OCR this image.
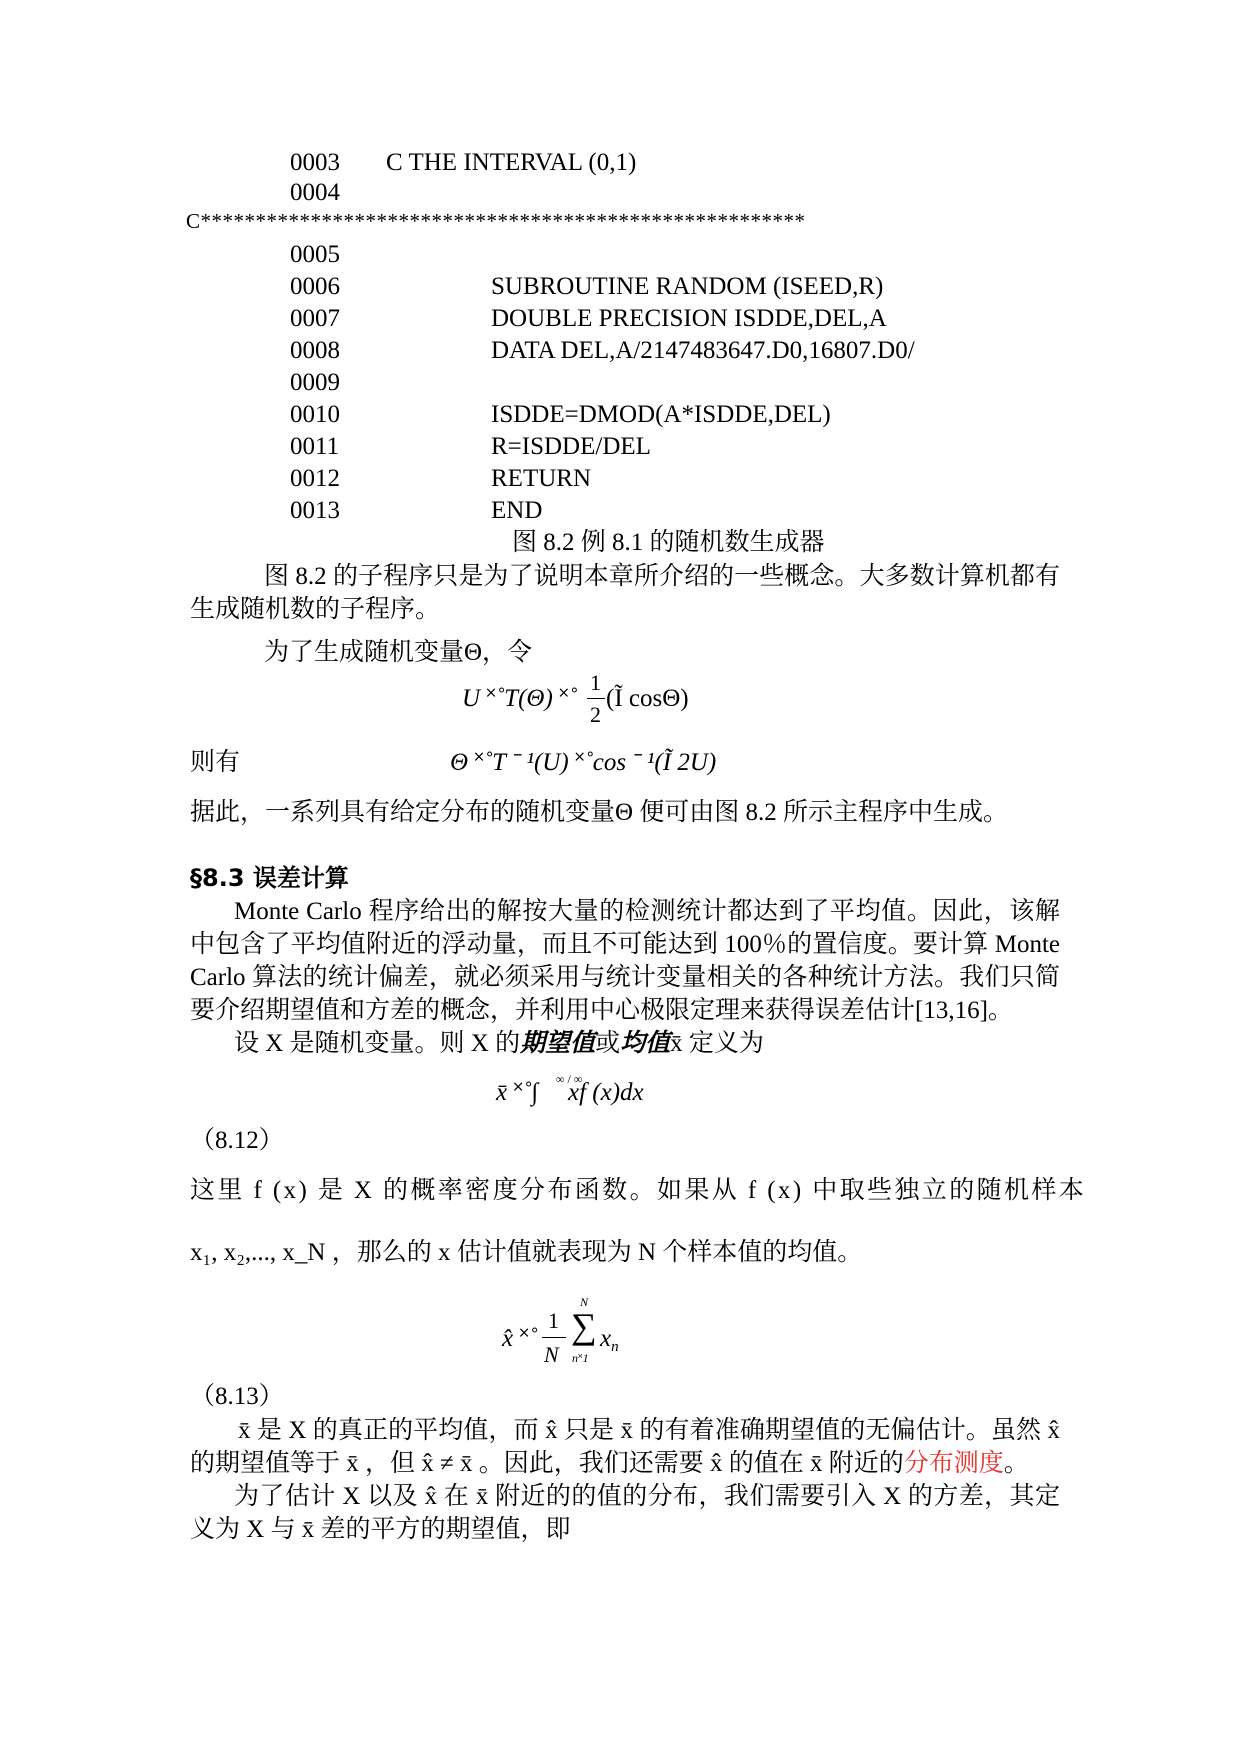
0003 C THE INTERVAL (0,1)
0004
C*******************************************************
0005
0006	SUBROUTINE RANDOM (ISEED,R)
0007	DOUBLE PRECISION ISDDE,DEL,A
0008	DATA DEL,A/2147483647.D0,16807.D0/
0009
0010	ISDDE=DMOD(A*ISDDE,DEL)
0011	R=ISDDE/DEL
0012	RETURN
0013	END
图 8.2 例 8.1 的随机数生成器
图 8.2 的子程序只是为了说明本章所介绍的一些概念。大多数计算机都有生成随机数的子程序。
为了生成随机变量Θ，令
U ˟˚T(Θ) ˟˚
1
2
(Ĩ cosΘ)
则有	Θ ˟˚T ˉ ¹(U) ˟˚cos ˉ ¹(Ĩ 2U)
据此，一系列具有给定分布的随机变量Θ 便可由图 8.2 所示主程序中生成。
§8.3 误差计算
Monte Carlo 程序给出的解按大量的检测统计都达到了平均值。因此，该解中包含了平均值附近的浮动量，而且不可能达到 100％的置信度。要计算 Monte Carlo 算法的统计偏差，就必须采用与统计变量相关的各种统计方法。我们只简要介绍期望值和方差的概念，并利用中心极限定理来获得误差估计[13,16]。
设 X 是随机变量。则 X 的期望值或均值x̄ 定义为
x̄ ˟˚∫ ∞ / ∞
xf (x)dx
（8.12）
这里 f (x) 是 X 的概率密度分布函数。如果从 f (x) 中取些独立的随机样本
x₁, x₂,..., x_N ，那么的 x 估计值就表现为 N 个样本值的均值。
x̂ ˟˚
1
N
N
∑
n˟1
$x_n$
（8.13）
x̄ 是 X 的真正的平均值，而 x̂ 只是 x̄ 的有着准确期望值的无偏估计。虽然 x̂ 的期望值等于 x̄ ，但 x̂ ≠ x̄ 。因此，我们还需要 x̂ 的值在 x̄ 附近的分布测度。
为了估计 X 以及 x̂ 在 x̄ 附近的的值的分布，我们需要引入 X 的方差，其定义为 X 与 x̄ 差的平方的期望值，即
